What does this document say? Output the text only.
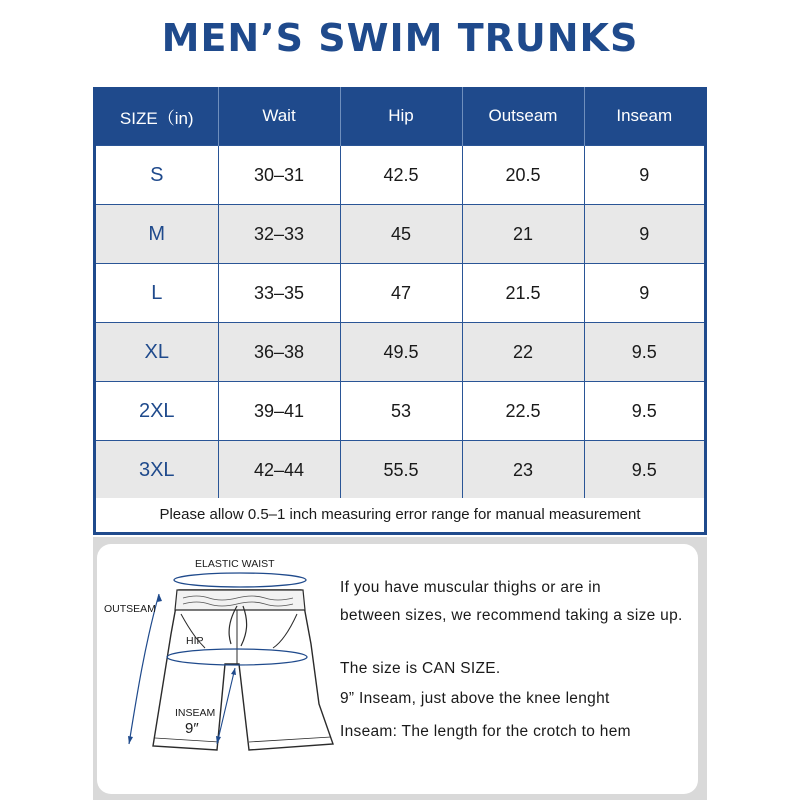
MEN’S SWIM TRUNKS
SIZE（in)	Wait	Hip	Outseam	Inseam
S	30–31	42.5	20.5	9
M	32–33	45	21	9
L	33–35	47	21.5	9
XL	36–38	49.5	22	9.5
2XL	39–41	53	22.5	9.5
3XL	42–44	55.5	23	9.5
Please allow 0.5–1 inch measuring error range for manual measurement
ELASTIC WAIST
OUTSEAM
HIP
INSEAM
9″
If you have muscular thighs or are in
between sizes, we recommend taking a size up.
The size is CAN SIZE.
9” Inseam, just above the knee lenght
Inseam: The length for the crotch to hem
